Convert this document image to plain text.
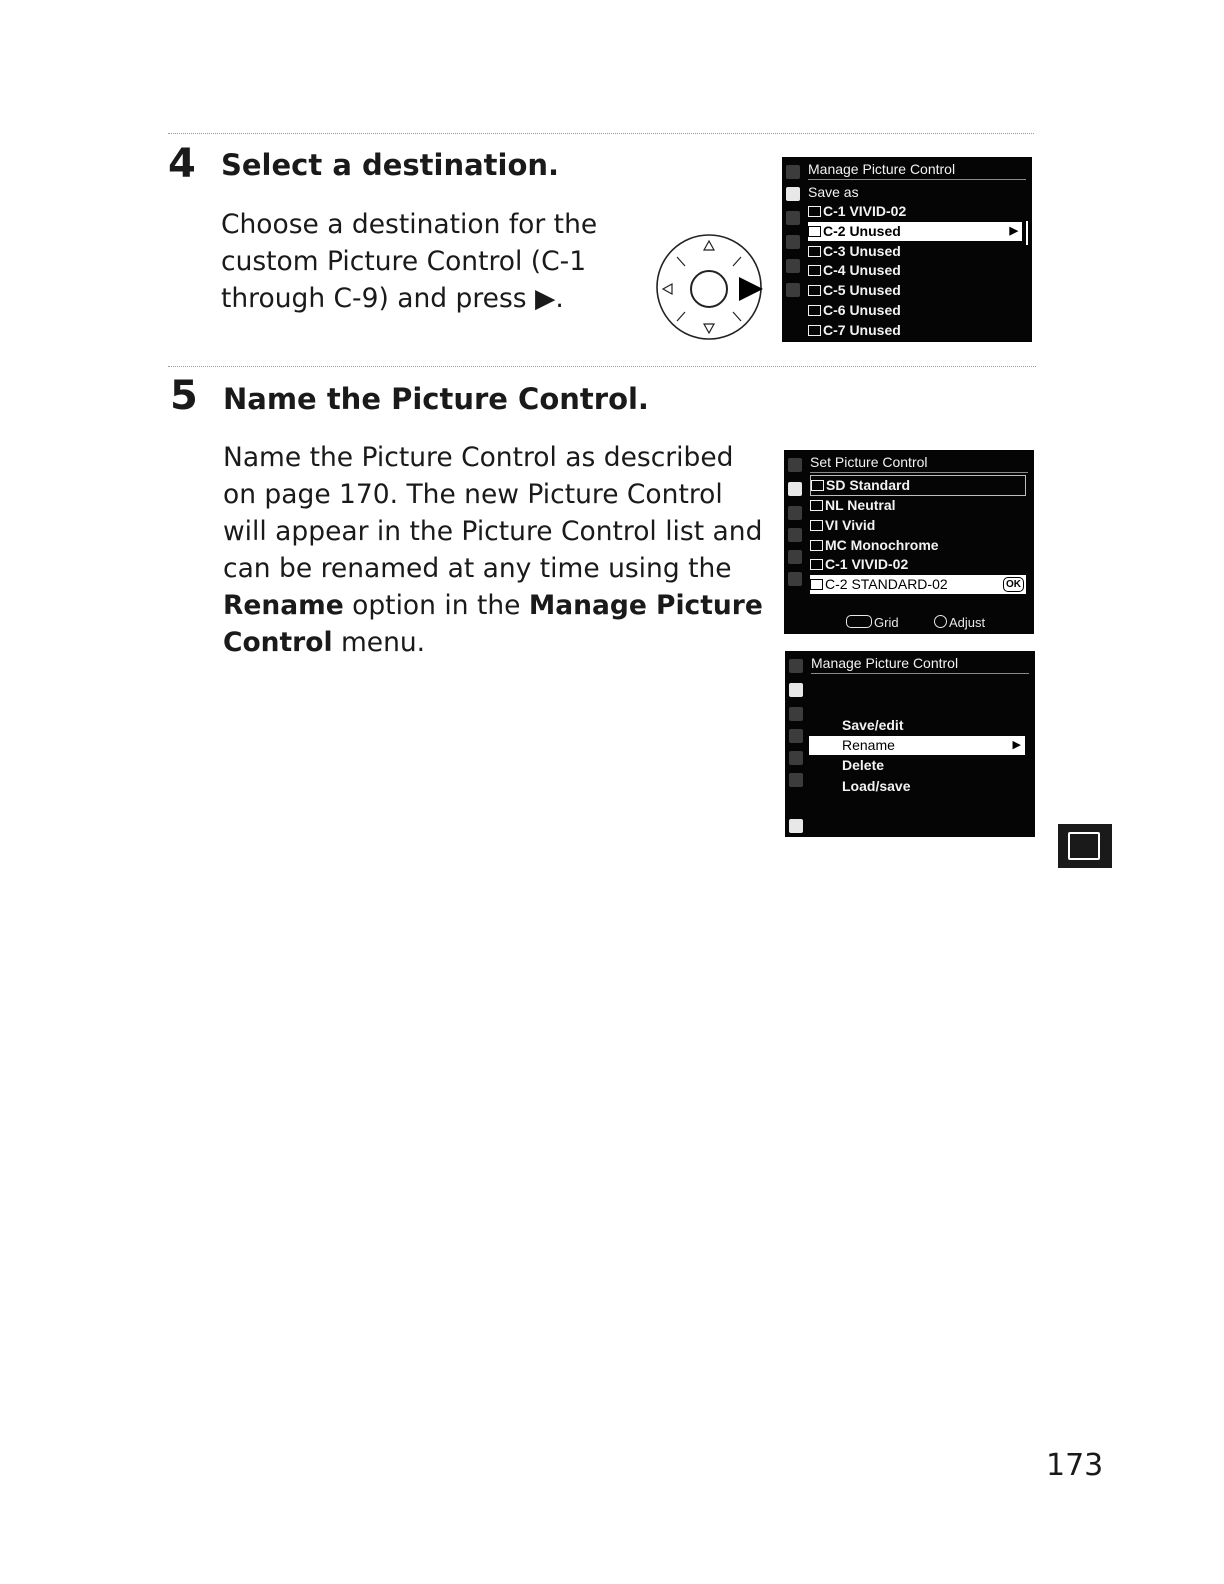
4 Select a destination.
Choose a destination for the
custom Picture Control (C-1
through C-9) and press ▶.
Manage Picture Control
Save as
C-1 VIVID-02
C-2 Unused	▶
C-3 Unused
C-4 Unused
C-5 Unused
C-6 Unused
C-7 Unused
5 Name the Picture Control.
Name the Picture Control as described
on page 170. The new Picture Control
will appear in the Picture Control list and
can be renamed at any time using the
Rename option in the Manage Picture
Control menu.
Set Picture Control
SD Standard
NL Neutral
VI Vivid
MC Monochrome
C-1 VIVID-02
C-2 STANDARD-02	OK
Grid	Adjust
Manage Picture Control
Save/edit
Rename	▶
Delete
Load/save
173
